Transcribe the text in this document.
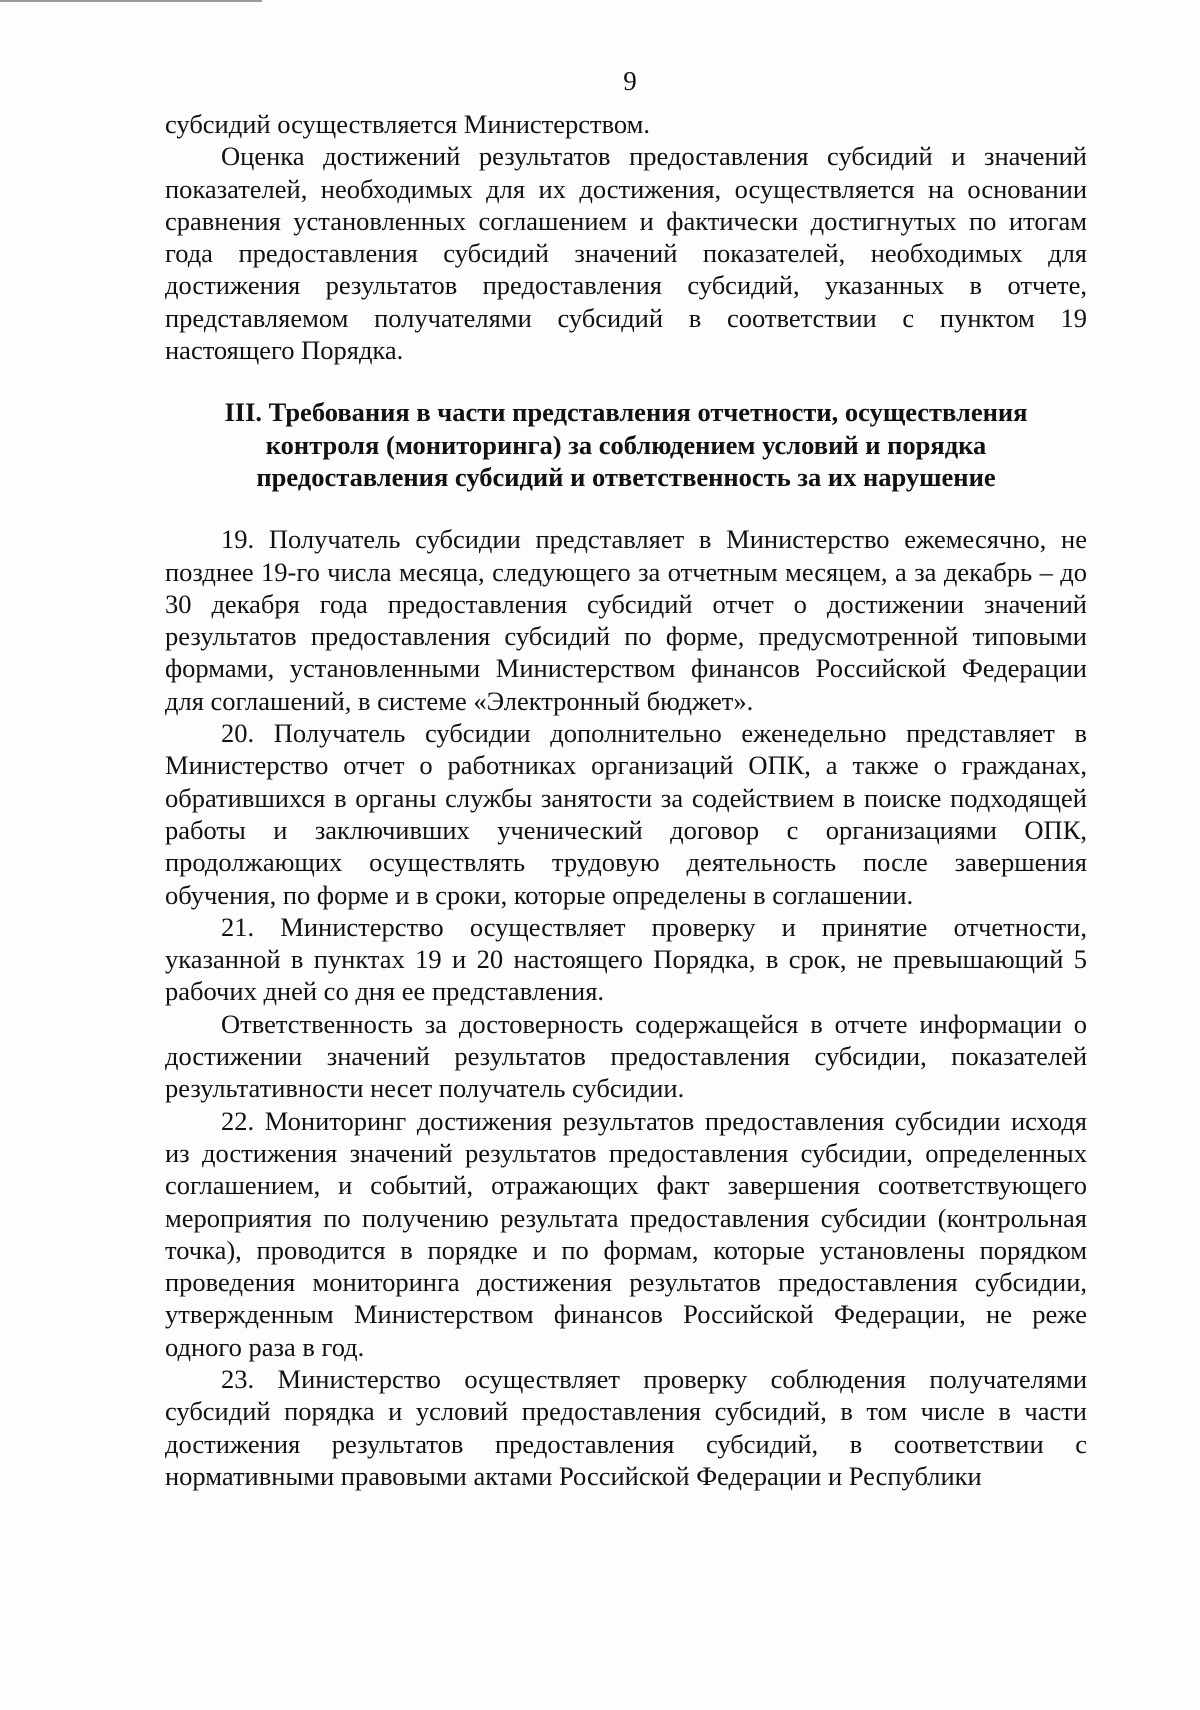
9

субсидий осуществляется Министерством.

Оценка достижений результатов предоставления субсидий и значений показателей, необходимых для их достижения, осуществляется на основании сравнения установленных соглашением и фактически достигнутых по итогам года предоставления субсидий значений показателей, необходимых для достижения результатов предоставления субсидий, указанных в отчете, представляемом получателями субсидий в соответствии с пунктом 19 настоящего Порядка.

III. Требования в части представления отчетности, осуществления
контроля (мониторинга) за соблюдением условий и порядка
предоставления субсидий и ответственность за их нарушение

19. Получатель субсидии представляет в Министерство ежемесячно, не позднее 19-го числа месяца, следующего за отчетным месяцем, а за декабрь – до 30 декабря года предоставления субсидий отчет о достижении значений результатов предоставления субсидий по форме, предусмотренной типовыми формами, установленными Министерством финансов Российской Федерации для соглашений, в системе «Электронный бюджет».

20. Получатель субсидии дополнительно еженедельно представляет в Министерство отчет о работниках организаций ОПК, а также о гражданах, обратившихся в органы службы занятости за содействием в поиске подходящей работы и заключивших ученический договор с организациями ОПК, продолжающих осуществлять трудовую деятельность после завершения обучения, по форме и в сроки, которые определены в соглашении.

21. Министерство осуществляет проверку и принятие отчетности, указанной в пунктах 19 и 20 настоящего Порядка, в срок, не превышающий 5 рабочих дней со дня ее представления.

Ответственность за достоверность содержащейся в отчете информации о достижении значений результатов предоставления субсидии, показателей результативности несет получатель субсидии.

22. Мониторинг достижения результатов предоставления субсидии исходя из достижения значений результатов предоставления субсидии, определенных соглашением, и событий, отражающих факт завершения соответствующего мероприятия по получению результата предоставления субсидии (контрольная точка), проводится в порядке и по формам, которые установлены порядком проведения мониторинга достижения результатов предоставления субсидии, утвержденным Министерством финансов Российской Федерации, не реже одного раза в год.

23. Министерство осуществляет проверку соблюдения получателями субсидий порядка и условий предоставления субсидий, в том числе в части достижения результатов предоставления субсидий, в соответствии с нормативными правовыми актами Российской Федерации и Республики
